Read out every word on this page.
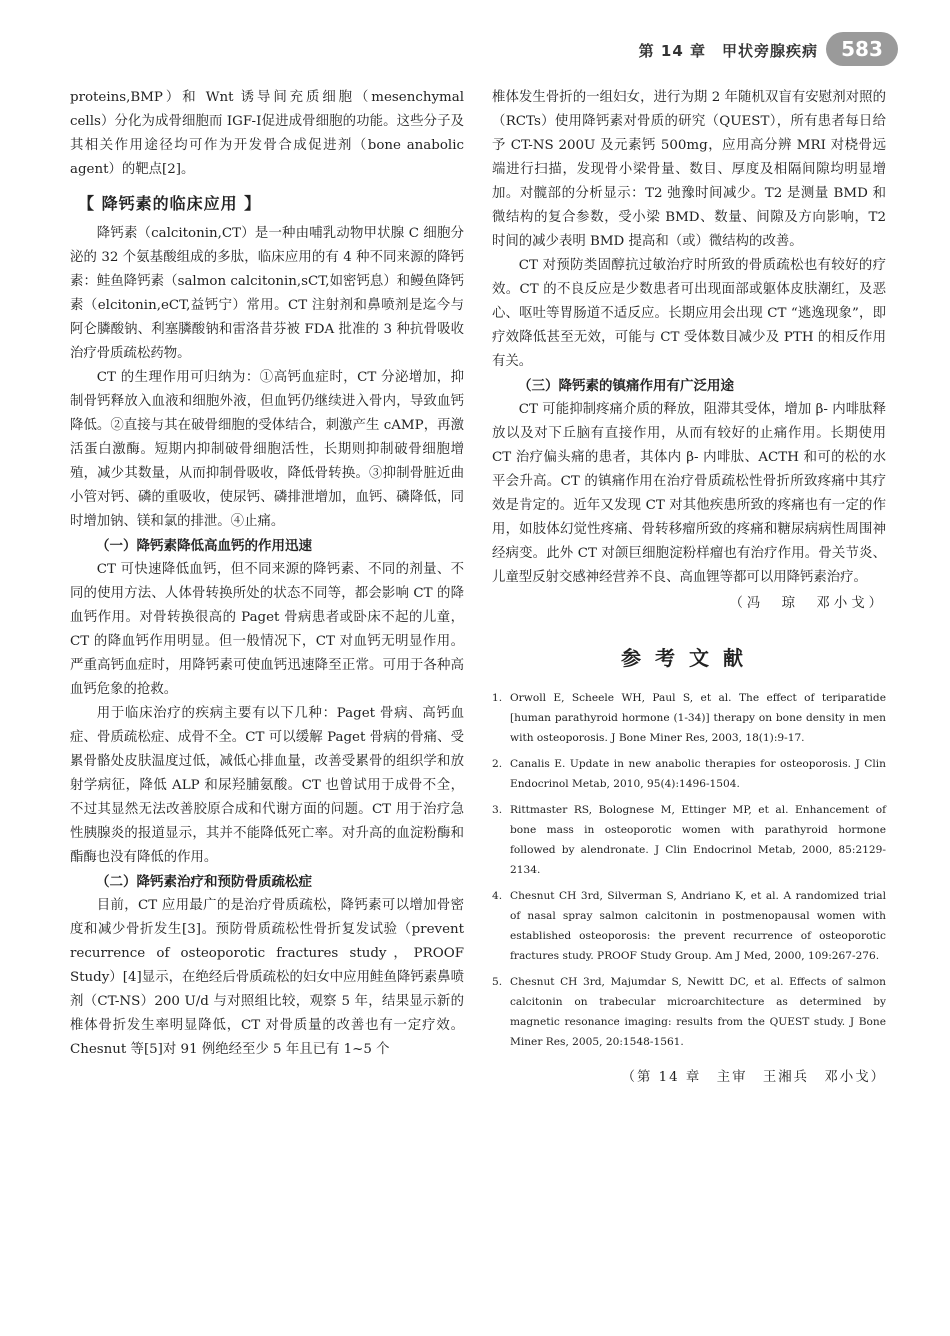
第 14 章　甲状旁腺疾病	583

proteins,BMP）和 Wnt 诱导间充质细胞（mesenchymal cells）分化为成骨细胞而 IGF-Ⅰ促进成骨细胞的功能。这些分子及其相关作用途径均可作为开发骨合成促进剂（bone anabolic agent）的靶点[2]。

【 降钙素的临床应用 】

降钙素（calcitonin,CT）是一种由哺乳动物甲状腺 C 细胞分泌的 32 个氨基酸组成的多肽，临床应用的有 4 种不同来源的降钙素：鲑鱼降钙素（salmon calcitonin,sCT,如密钙息）和鳗鱼降钙素（elcitonin,eCT,益钙宁）常用。CT 注射剂和鼻喷剂是迄今与阿仑膦酸钠、利塞膦酸钠和雷洛昔芬被 FDA 批准的 3 种抗骨吸收治疗骨质疏松药物。

CT 的生理作用可归纳为：①高钙血症时，CT 分泌增加，抑制骨钙释放入血液和细胞外液，但血钙仍继续进入骨内，导致血钙降低。②直接与其在破骨细胞的受体结合，刺激产生 cAMP，再激活蛋白激酶。短期内抑制破骨细胞活性，长期则抑制破骨细胞增殖，减少其数量，从而抑制骨吸收，降低骨转换。③抑制骨脏近曲小管对钙、磷的重吸收，使尿钙、磷排泄增加，血钙、磷降低，同时增加钠、镁和氯的排泄。④止痛。

（一）降钙素降低高血钙的作用迅速

CT 可快速降低血钙，但不同来源的降钙素、不同的剂量、不同的使用方法、人体骨转换所处的状态不同等，都会影响 CT 的降血钙作用。对骨转换很高的 Paget 骨病患者或卧床不起的儿童，CT 的降血钙作用明显。但一般情况下，CT 对血钙无明显作用。严重高钙血症时，用降钙素可使血钙迅速降至正常。可用于各种高血钙危象的抢救。

用于临床治疗的疾病主要有以下几种：Paget 骨病、高钙血症、骨质疏松症、成骨不全。CT 可以缓解 Paget 骨病的骨痛、受累骨骼处皮肤温度过低，减低心排血量，改善受累骨的组织学和放射学病征，降低 ALP 和尿羟脯氨酸。CT 也曾试用于成骨不全，不过其显然无法改善胶原合成和代谢方面的问题。CT 用于治疗急性胰腺炎的报道显示，其并不能降低死亡率。对升高的血淀粉酶和酯酶也没有降低的作用。

（二）降钙素治疗和预防骨质疏松症

目前，CT 应用最广的是治疗骨质疏松，降钙素可以增加骨密度和减少骨折发生[3]。预防骨质疏松性骨折复发试验（prevent recurrence of osteoporotic fractures study，PROOF Study）[4]显示，在绝经后骨质疏松的妇女中应用鲑鱼降钙素鼻喷剂（CT-NS）200 U/d 与对照组比较，观察 5 年，结果显示新的椎体骨折发生率明显降低，CT 对骨质量的改善也有一定疗效。Chesnut 等[5]对 91 例绝经至少 5 年且已有 1~5 个

椎体发生骨折的一组妇女，进行为期 2 年随机双盲有安慰剂对照的（RCTs）使用降钙素对骨质的研究（QUEST），所有患者每日给予 CT-NS 200U 及元素钙 500mg，应用高分辨 MRI 对桡骨远端进行扫描，发现骨小梁骨量、数目、厚度及相隔间隙均明显增加。对髋部的分析显示：T2 弛豫时间减少。T2 是测量 BMD 和微结构的复合参数，受小梁 BMD、数量、间隙及方向影响，T2 时间的减少表明 BMD 提高和（或）微结构的改善。

CT 对预防类固醇抗过敏治疗时所致的骨质疏松也有较好的疗效。CT 的不良反应是少数患者可出现面部或躯体皮肤潮红，及恶心、呕吐等胃肠道不适反应。长期应用会出现 CT “逃逸现象”，即疗效降低甚至无效，可能与 CT 受体数目减少及 PTH 的相反作用有关。

（三）降钙素的镇痛作用有广泛用途

CT 可能抑制疼痛介质的释放，阻滞其受体，增加 β- 内啡肽释放以及对下丘脑有直接作用，从而有较好的止痛作用。长期使用 CT 治疗偏头痛的患者，其体内 β- 内啡肽、ACTH 和可的松的水平会升高。CT 的镇痛作用在治疗骨质疏松性骨折所致疼痛中其疗效是肯定的。近年又发现 CT 对其他疾患所致的疼痛也有一定的作用，如肢体幻觉性疼痛、骨转移瘤所致的疼痛和糖尿病病性周围神经病变。此外 CT 对颌巨细胞淀粉样瘤也有治疗作用。骨关节炎、儿童型反射交感神经营养不良、高血锂等都可以用降钙素治疗。

（冯　琼　邓小戈）

参考文献
1. Orwoll E, Scheele WH, Paul S, et al. The effect of teriparatide [human parathyroid hormone (1-34)] therapy on bone density in men with osteoporosis. J Bone Miner Res, 2003, 18(1):9-17.
2. Canalis E. Update in new anabolic therapies for osteoporosis. J Clin Endocrinol Metab, 2010, 95(4):1496-1504.
3. Rittmaster RS, Bolognese M, Ettinger MP, et al. Enhancement of bone mass in osteoporotic women with parathyroid hormone followed by alendronate. J Clin Endocrinol Metab, 2000, 85:2129-2134.
4. Chesnut CH 3rd, Silverman S, Andriano K, et al. A randomized trial of nasal spray salmon calcitonin in postmenopausal women with established osteoporosis: the prevent recurrence of osteoporotic fractures study. PROOF Study Group. Am J Med, 2000, 109:267-276.
5. Chesnut CH 3rd, Majumdar S, Newitt DC, et al. Effects of salmon calcitonin on trabecular microarchitecture as determined by magnetic resonance imaging: results from the QUEST study. J Bone Miner Res, 2005, 20:1548-1561.

（第 14 章　主审　王湘兵　邓小戈）
